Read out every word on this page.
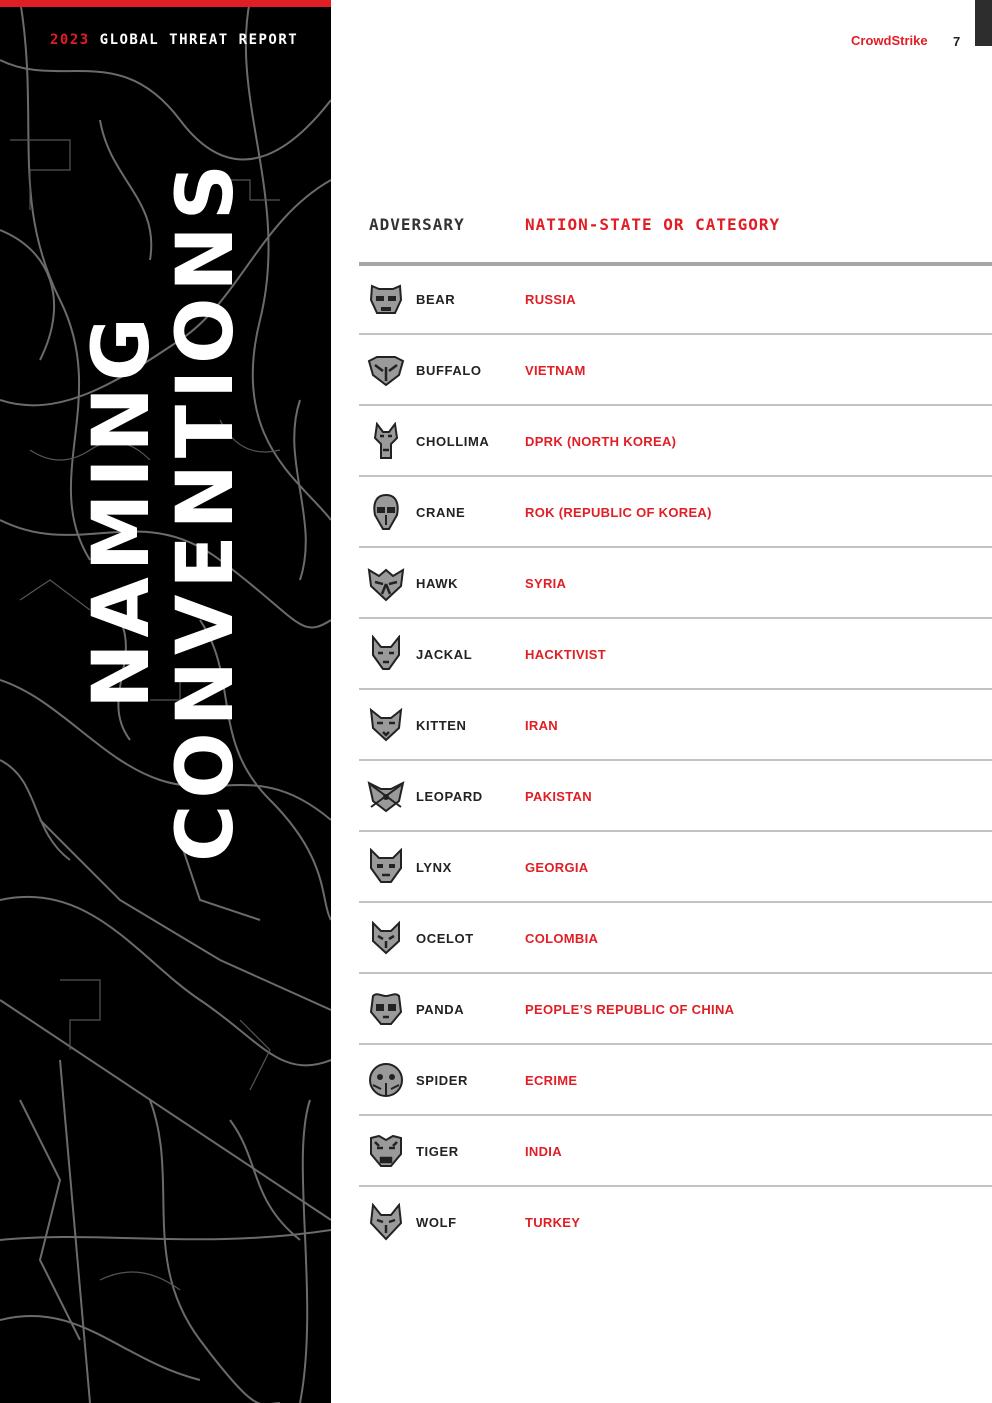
2023 GLOBAL THREAT REPORT
NAMING
CONVENTIONS
CrowdStrike 7
ADVERSARY	NATION-STATE OR CATEGORY
BEAR	RUSSIA
BUFFALO	VIETNAM
CHOLLIMA	DPRK (NORTH KOREA)
CRANE	ROK (REPUBLIC OF KOREA)
HAWK	SYRIA
JACKAL	HACKTIVIST
KITTEN	IRAN
LEOPARD	PAKISTAN
LYNX	GEORGIA
OCELOT	COLOMBIA
PANDA	PEOPLE’S REPUBLIC OF CHINA
SPIDER	ECRIME
TIGER	INDIA
WOLF	TURKEY
